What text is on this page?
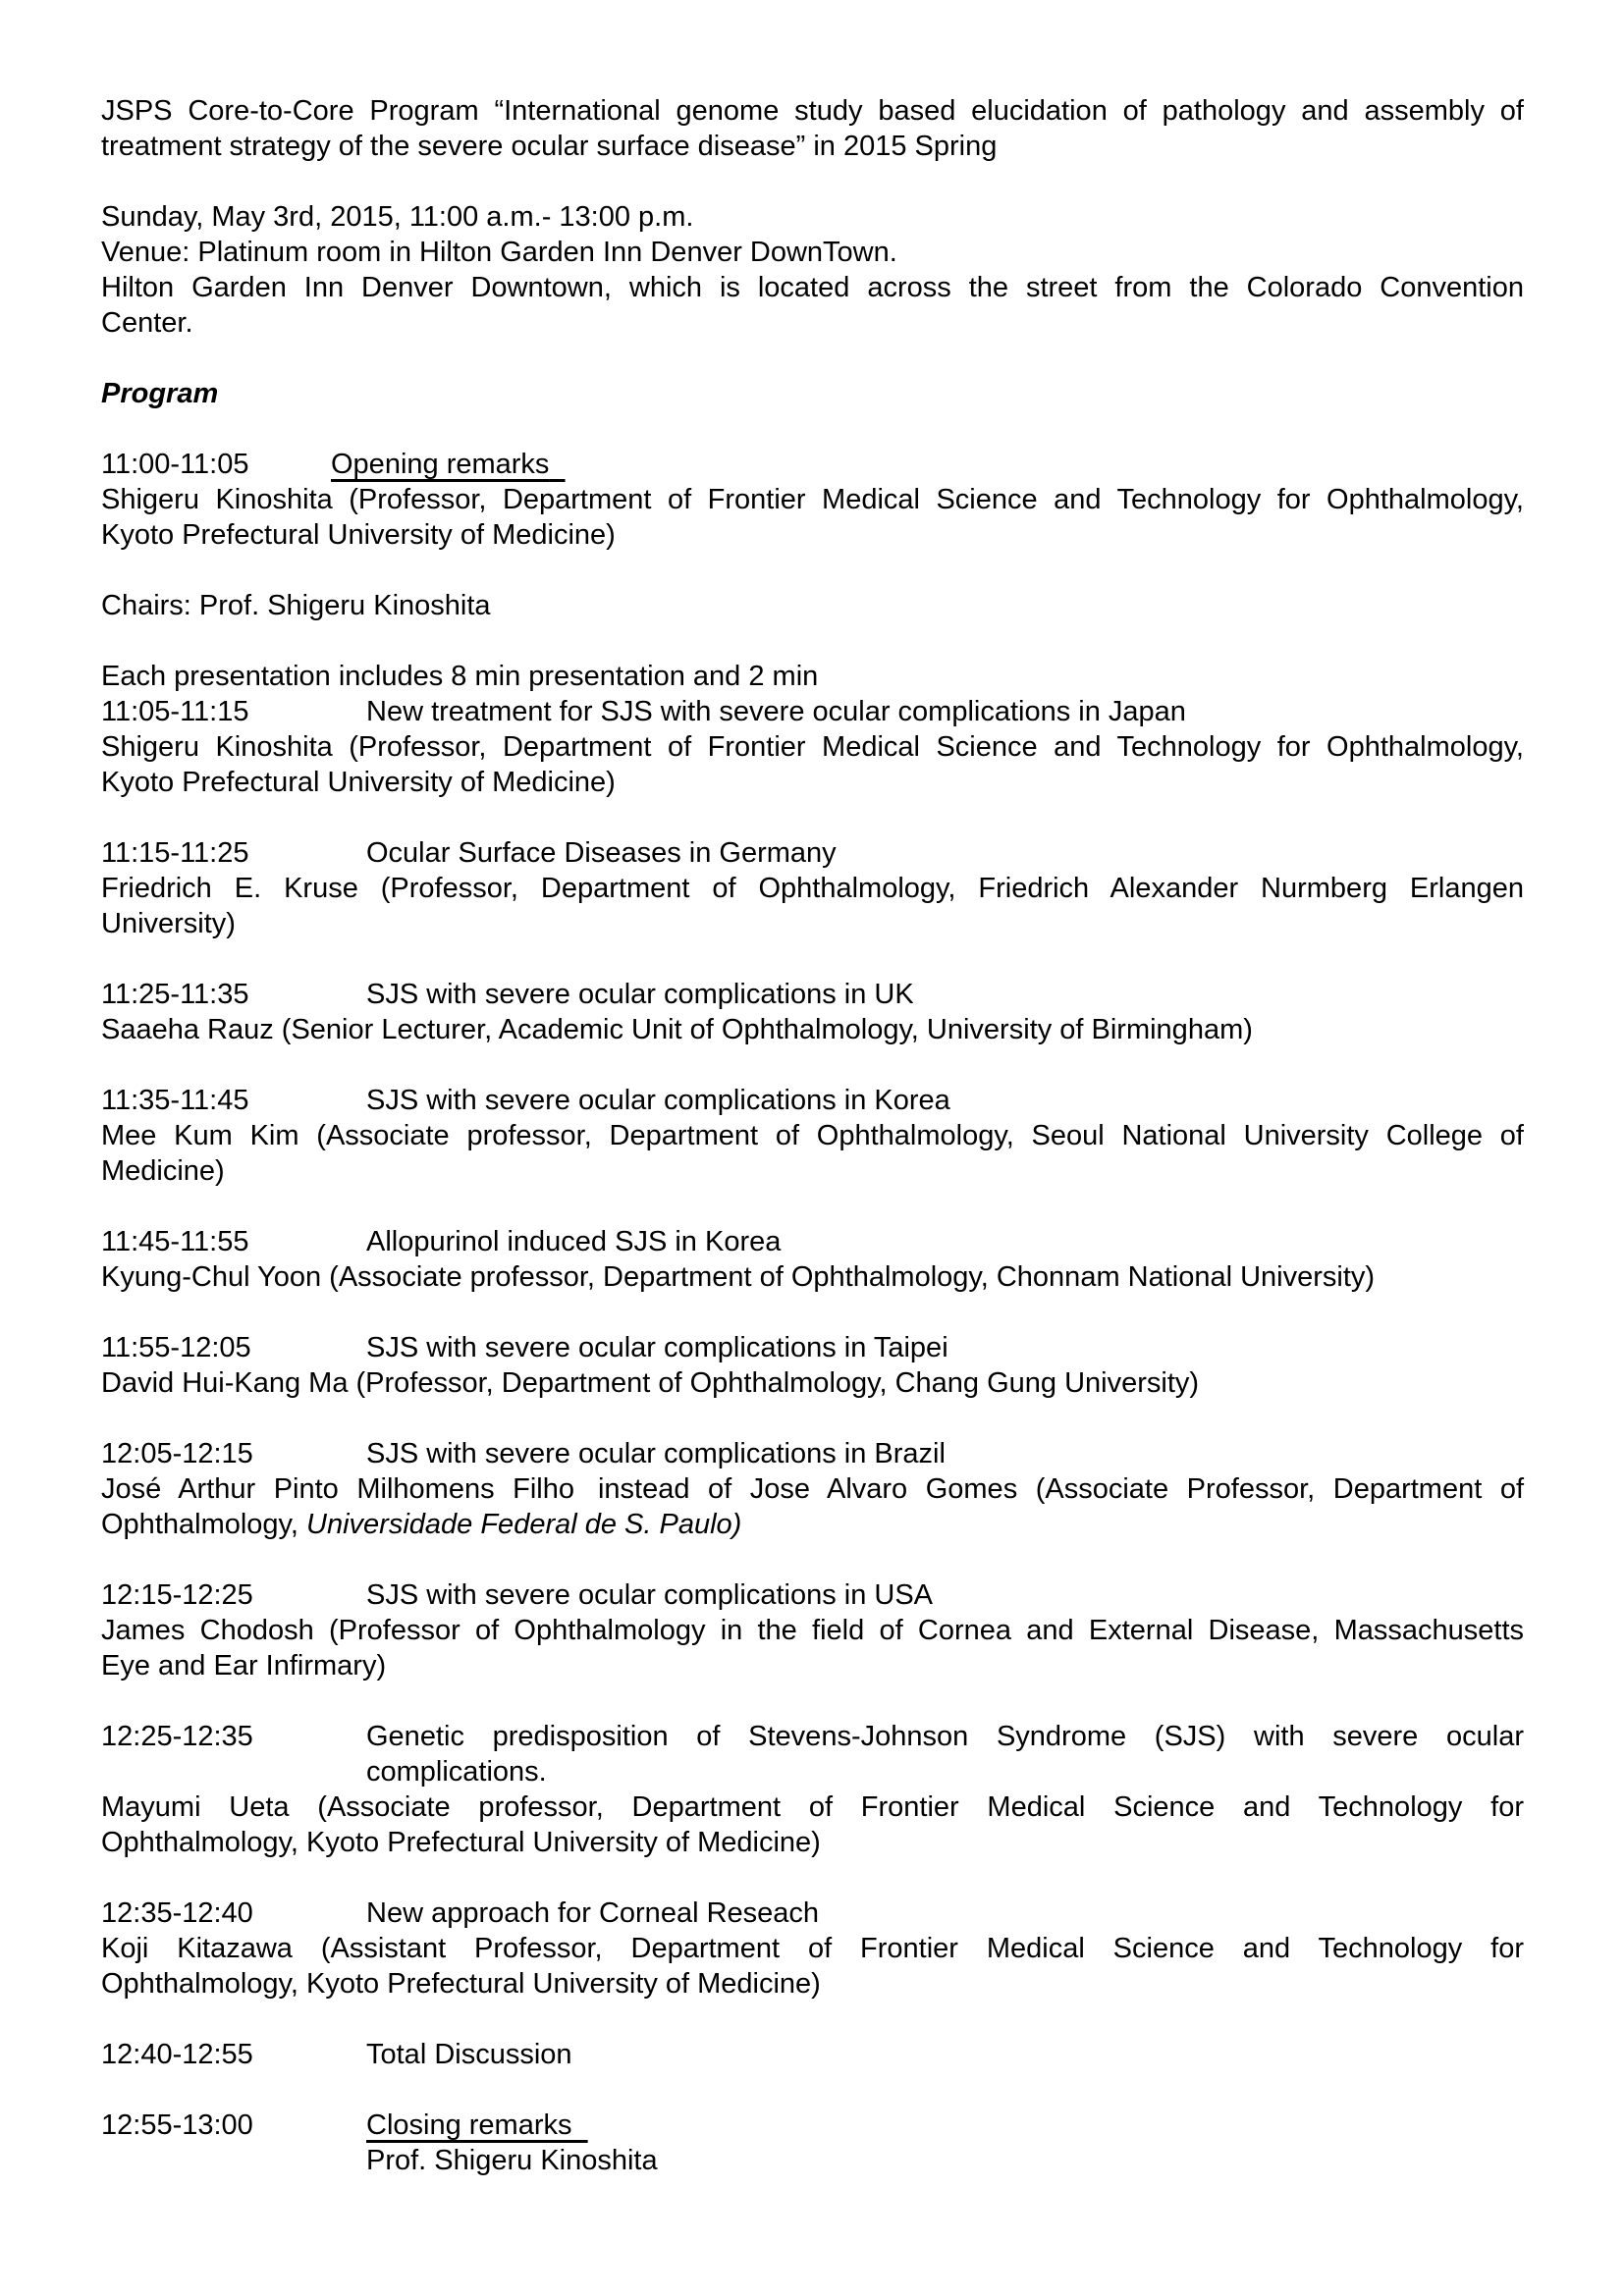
JSPS Core-to-Core Program “International genome study based elucidation of pathology and assembly of
treatment strategy of the severe ocular surface disease” in 2015 Spring
Sunday, May 3rd, 2015, 11:00 a.m.- 13:00 p.m.
Venue: Platinum room in Hilton Garden Inn Denver DownTown.
Hilton Garden Inn Denver Downtown, which is located across the street from the Colorado Convention
Center.
Program
11:00-11:05	Opening remarks
Shigeru Kinoshita (Professor, Department of Frontier Medical Science and Technology for Ophthalmology,
Kyoto Prefectural University of Medicine)
Chairs: Prof. Shigeru Kinoshita
Each presentation includes 8 min presentation and 2 min
11:05-11:15	New treatment for SJS with severe ocular complications in Japan
Shigeru Kinoshita (Professor, Department of Frontier Medical Science and Technology for Ophthalmology,
Kyoto Prefectural University of Medicine)
11:15-11:25	Ocular Surface Diseases in Germany
Friedrich E. Kruse (Professor, Department of Ophthalmology, Friedrich Alexander Nurmberg Erlangen
University)
11:25-11:35	SJS with severe ocular complications in UK
Saaeha Rauz (Senior Lecturer, Academic Unit of Ophthalmology, University of Birmingham)
11:35-11:45	SJS with severe ocular complications in Korea
Mee Kum Kim (Associate professor, Department of Ophthalmology, Seoul National University College of
Medicine)
11:45-11:55	Allopurinol induced SJS in Korea
Kyung-Chul Yoon (Associate professor, Department of Ophthalmology, Chonnam National University)
11:55-12:05	SJS with severe ocular complications in Taipei
David Hui-Kang Ma (Professor, Department of Ophthalmology, Chang Gung University)
12:05-12:15	SJS with severe ocular complications in Brazil
José Arthur Pinto Milhomens Filho instead of Jose Alvaro Gomes (Associate Professor, Department of
Ophthalmology, Universidade Federal de S. Paulo)
12:15-12:25	SJS with severe ocular complications in USA
James Chodosh (Professor of Ophthalmology in the field of Cornea and External Disease, Massachusetts
Eye and Ear Infirmary)
12:25-12:35	Genetic predisposition of Stevens-Johnson Syndrome (SJS) with severe ocular
complications.
Mayumi Ueta (Associate professor, Department of Frontier Medical Science and Technology for
Ophthalmology, Kyoto Prefectural University of Medicine)
12:35-12:40	New approach for Corneal Reseach
Koji Kitazawa (Assistant Professor, Department of Frontier Medical Science and Technology for
Ophthalmology, Kyoto Prefectural University of Medicine)
12:40-12:55	Total Discussion
12:55-13:00	Closing remarks
Prof. Shigeru Kinoshita
